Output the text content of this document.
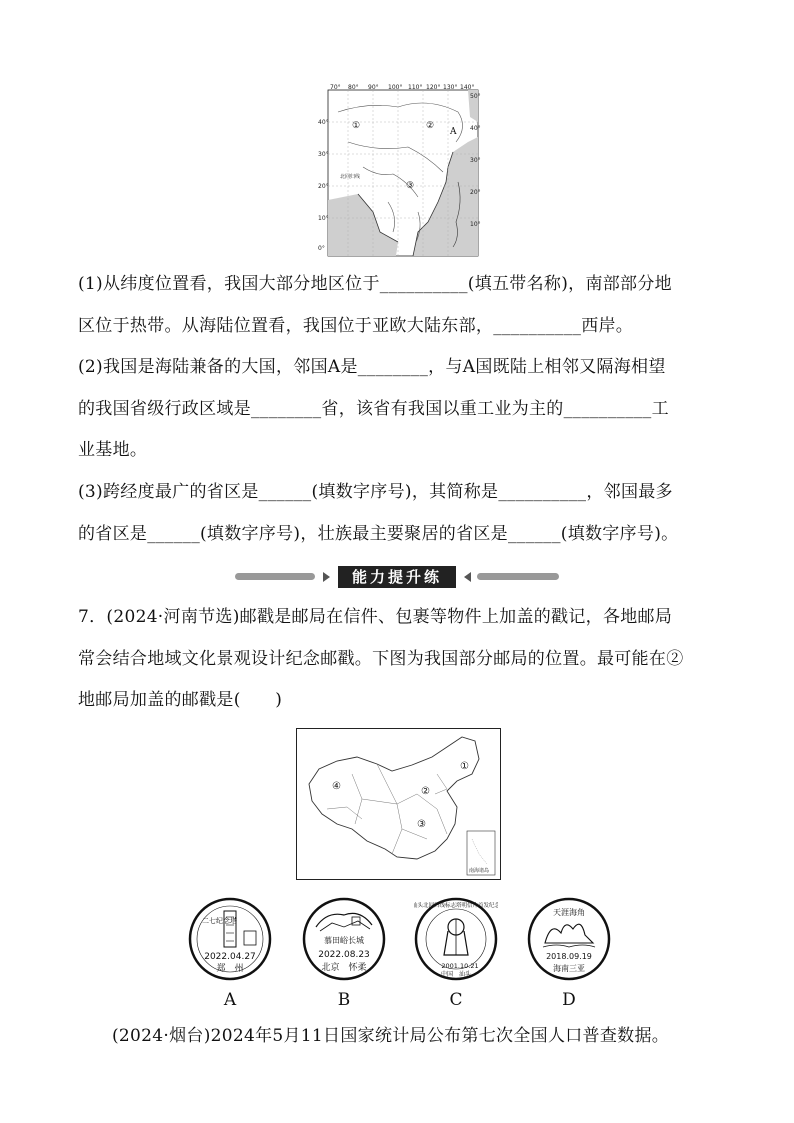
70° 80° 90° 100° 110° 120° 130° 140°
40°
30°
20°
10°
0°
50°
40°
30°
20°
10°
北回归线
①	②
③
A
(1)从纬度位置看，我国大部分地区位于__________(填五带名称)，南部部分地
区位于热带。从海陆位置看，我国位于亚欧大陆东部，__________西岸。
(2)我国是海陆兼备的大国，邻国A是________，与A国既陆上相邻又隔海相望
的我国省级行政区域是________省，该省有我国以重工业为主的__________工
业基地。
(3)跨经度最广的省区是______(填数字序号)，其简称是__________，邻国最多
的省区是______(填数字序号)，壮族最主要聚居的省区是______(填数字序号)。
能力提升练
7．(2024·河南节选)邮戳是邮局在信件、包裹等物件上加盖的戳记，各地邮局
常会结合地域文化景观设计纪念邮戳。下图为我国部分邮局的位置。最可能在②
地邮局加盖的邮戳是(　　)
南海诸岛
①
②
③
④
二七纪念塔
2022.04.27
郑　州
慕田峪长城
2022.08.23
北京　怀柔
汕头北回归线标志塔明信片首发纪念
2001.10.21
中国　汕头
天涯海角
2018.09.19
海南三亚
A	B	C	D
(2024·烟台)2024年5月11日国家统计局公布第七次全国人口普查数据。
